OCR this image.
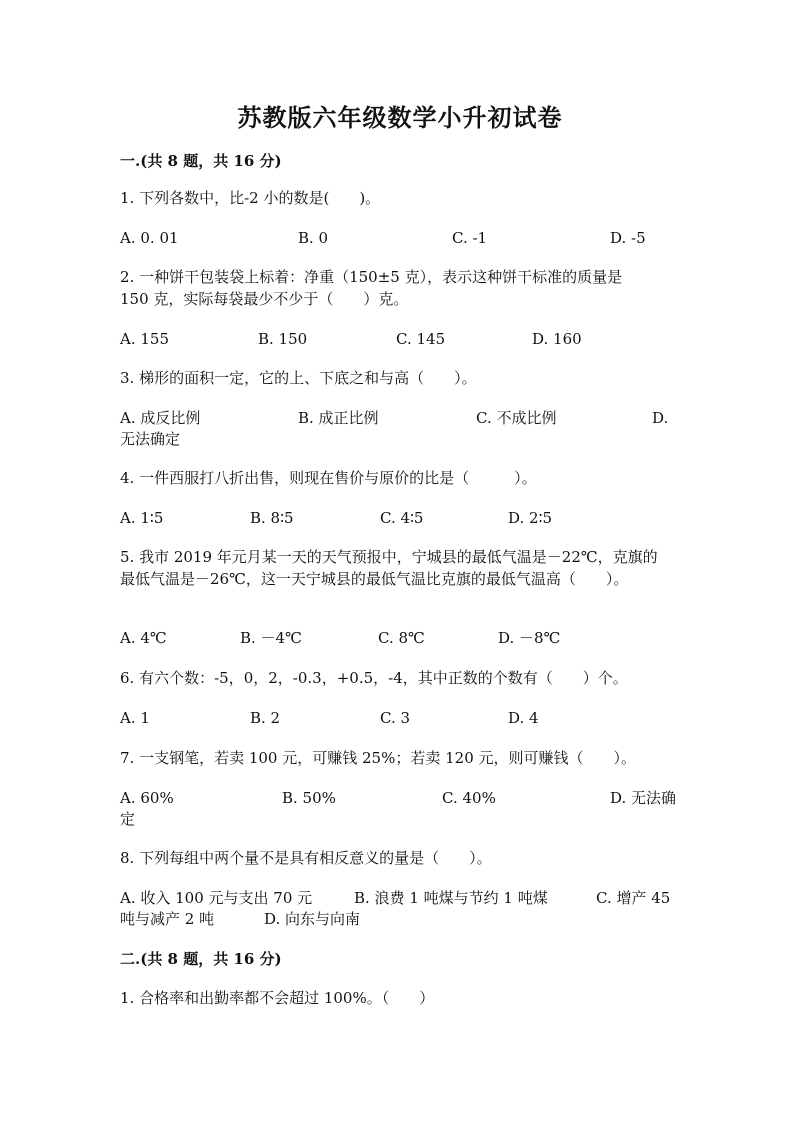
苏教版六年级数学小升初试卷
一.(共 8 题，共 16 分)
1. 下列各数中，比-2 小的数是(　　)。
A. 0. 01	B. 0	C. -1	D. -5
2. 一种饼干包装袋上标着：净重（150±5 克），表示这种饼干标准的质量是
150 克，实际每袋最少不少于（　　）克。
A. 155	B. 150	C. 145	D. 160
3. 梯形的面积一定，它的上、下底之和与高（　　）。
A. 成反比例	B. 成正比例	C. 不成比例	D.
无法确定
4. 一件西服打八折出售，则现在售价与原价的比是（　　　）。
A. 1∶5	B. 8∶5	C. 4∶5	D. 2∶5
5. 我市 2019 年元月某一天的天气预报中，宁城县的最低气温是－22℃，克旗的
最低气温是－26℃，这一天宁城县的最低气温比克旗的最低气温高（　　）。
A. 4℃	B. －4℃	C. 8℃	D. －8℃
6. 有六个数：-5，0，2，-0.3，+0.5，-4，其中正数的个数有（　　）个。
A. 1	B. 2	C. 3	D. 4
7. 一支钢笔，若卖 100 元，可赚钱 25%；若卖 120 元，则可赚钱（　　）。
A. 60%	B. 50%	C. 40%	D. 无法确
定
8. 下列每组中两个量不是具有相反意义的量是（　　）。
A. 收入 100 元与支出 70 元	B. 浪费 1 吨煤与节约 1 吨煤	C. 增产 45
吨与减产 2 吨	D. 向东与向南
二.(共 8 题，共 16 分)
1. 合格率和出勤率都不会超过 100%。（　　）
